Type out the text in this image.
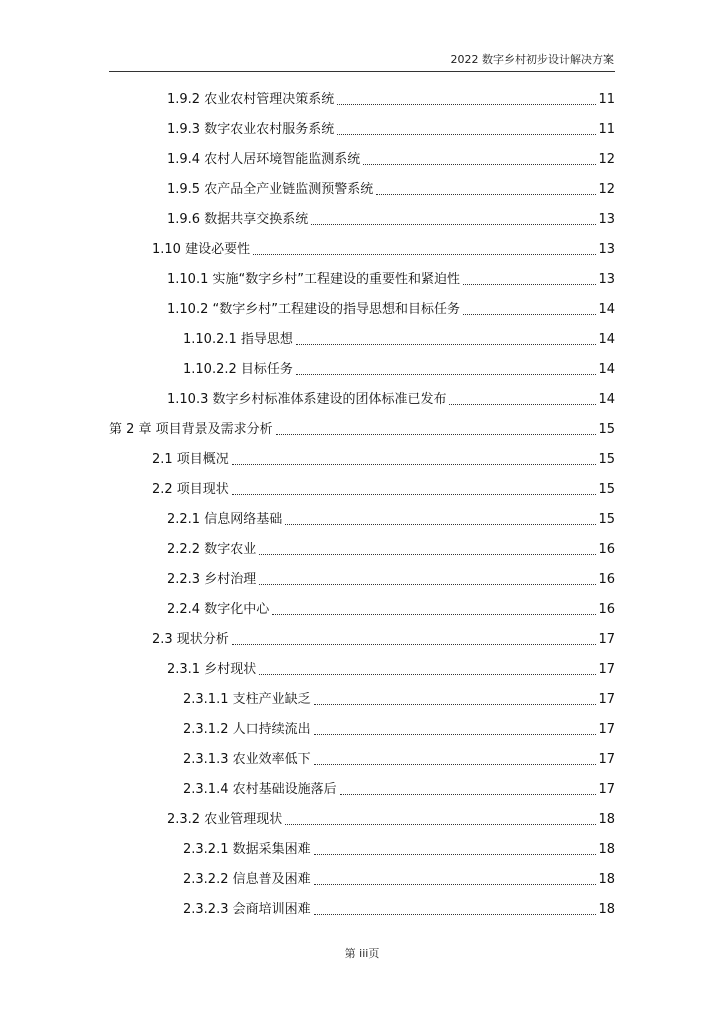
2022 数字乡村初步设计解决方案
1.9.2 农业农村管理决策系统	11
1.9.3 数字农业农村服务系统	11
1.9.4 农村人居环境智能监测系统	12
1.9.5 农产品全产业链监测预警系统	12
1.9.6 数据共享交换系统	13
1.10 建设必要性	13
1.10.1 实施“数字乡村”工程建设的重要性和紧迫性	13
1.10.2 “数字乡村”工程建设的指导思想和目标任务	14
1.10.2.1 指导思想	14
1.10.2.2 目标任务	14
1.10.3 数字乡村标准体系建设的团体标准已发布	14
第 2 章 项目背景及需求分析	15
2.1 项目概况	15
2.2 项目现状	15
2.2.1 信息网络基础	15
2.2.2 数字农业	16
2.2.3 乡村治理	16
2.2.4 数字化中心	16
2.3 现状分析	17
2.3.1 乡村现状	17
2.3.1.1 支柱产业缺乏	17
2.3.1.2 人口持续流出	17
2.3.1.3 农业效率低下	17
2.3.1.4 农村基础设施落后	17
2.3.2 农业管理现状	18
2.3.2.1 数据采集困难	18
2.3.2.2 信息普及困难	18
2.3.2.3 会商培训困难	18
第 iii页
